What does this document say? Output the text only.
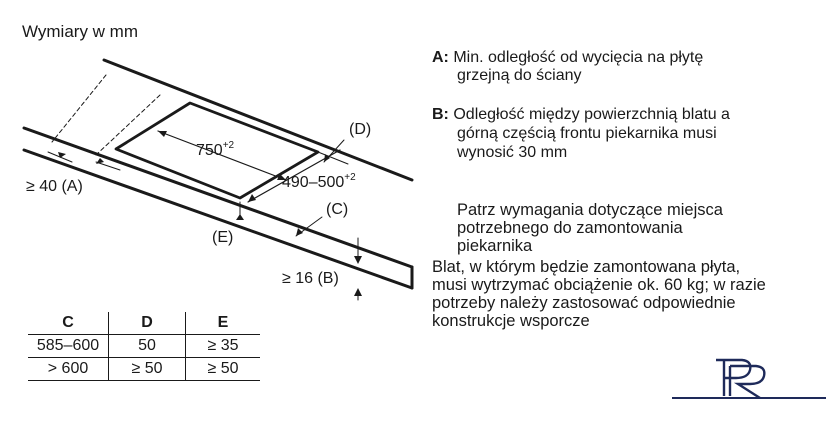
Wymiary w mm
$750^{+2}$
$490-500^{+2}$
(D)
≥ 40 (A)
(C)
(E)
≥ 16 (B)
A: Min. odległość od wycięcia na płytę
grzejną do ściany
B: Odległość między powierzchnią blatu a
górną częścią frontu piekarnika musi
wynosić 30 mm
Patrz wymagania dotyczące miejsca
potrzebnego do zamontowania
piekarnika
Blat, w którym będzie zamontowana płyta,
musi wytrzymać obciążenie ok. 60 kg; w razie
potrzeby należy zastosować odpowiednie
konstrukcje wsporcze
C	D	E
585–600	50	≥ 35
> 600	≥ 50	≥ 50
